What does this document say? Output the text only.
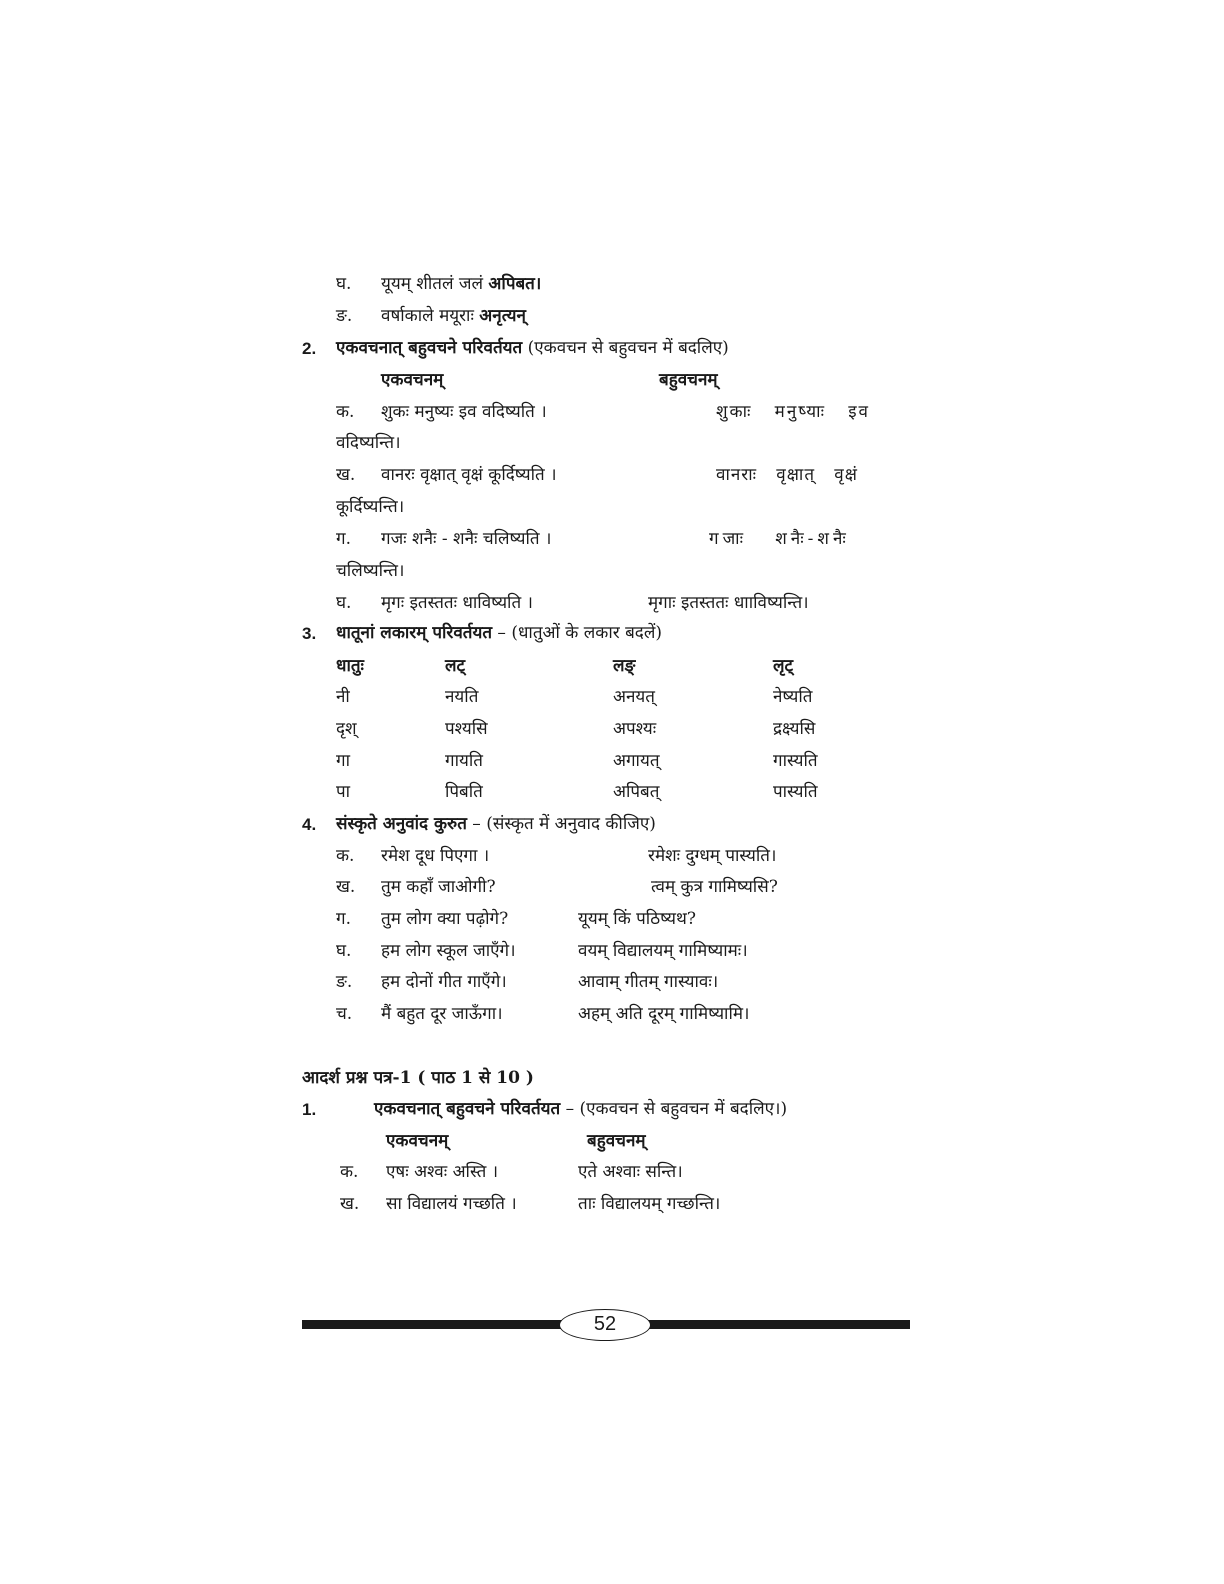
घ. यूयम् शीतलं जलं अपिबत।
ङ. वर्षाकाले मयूराः अनृत्यन्
2. एकवचनात् बहुवचने परिवर्तयत (एकवचन से बहुवचन में बदलिए)
एकवचनम्	बहुवचनम्
क. शुकः मनुष्यः इव वदिष्यति ।	शुकाः   मनुष्याः   इव
वदिष्यन्ति।
ख. वानरः वृक्षात् वृक्षं कूर्दिष्यति ।	वानराः   वृक्षात्   वृक्षं
कूर्दिष्यन्ति।
ग. गजः शनैः - शनैः चलिष्यति ।	गजाः   शनैः-शनैः
चलिष्यन्ति।
घ. मृगः इतस्ततः धाविष्यति ।	मृगाः इतस्ततः धााविष्यन्ति।
3. धातूनां लकारम् परिवर्तयत – (धातुओं के लकार बदलें)
धातुः	लट्	लङ्	लृट्
नी	नयति	अनयत्	नेष्यति
दृश्	पश्यसि	अपश्यः	द्रक्ष्यसि
गा	गायति	अगायत्	गास्यति
पा	पिबति	अपिबत्	पास्यति
4. संस्कृते अनुवांद कुरुत – (संस्कृत में अनुवाद कीजिए)
क. रमेश दूध पिएगा ।	रमेशः दुग्धम् पास्यति।
ख. तुम कहाँ जाओगी?	त्वम् कुत्र गामिष्यसि?
ग. तुम लोग क्या पढ़ोगे?	यूयम् किं पठिष्यथ?
घ. हम लोग स्कूल जाएँगे।	वयम् विद्यालयम् गामिष्यामः।
ङ. हम दोनों गीत गाएँगे।	आवाम् गीतम् गास्यावः।
च. मैं बहुत दूर जाऊँगा।	अहम् अति दूरम् गामिष्यामि।
आदर्श प्रश्न पत्र-1 ( पाठ 1 से 10 )
1.	एकवचनात् बहुवचने परिवर्तयत – (एकवचन से बहुवचन में बदलिए।)
एकवचनम्	बहुवचनम्
क. एषः अश्वः अस्ति ।	एते अश्वाः सन्ति।
ख. सा विद्यालयं गच्छति ।	ताः विद्यालयम् गच्छन्ति।
52
